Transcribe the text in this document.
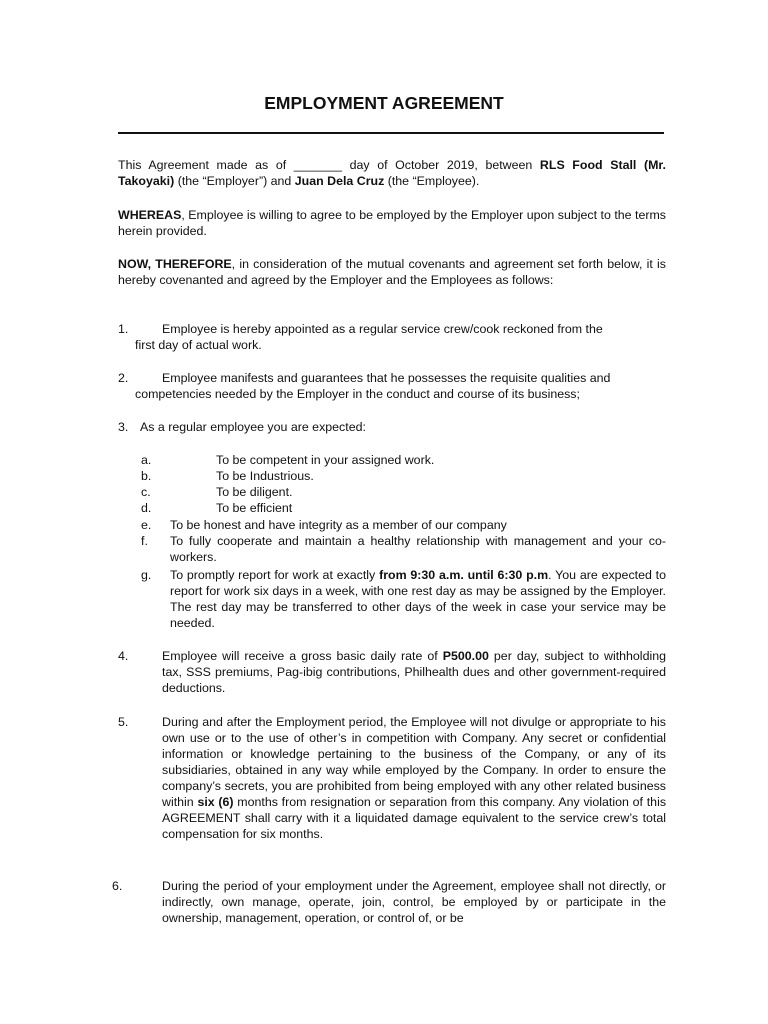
EMPLOYMENT AGREEMENT
This Agreement made as of _______ day of October 2019, between RLS Food Stall (Mr. Takoyaki) (the “Employer”) and Juan Dela Cruz (the “Employee).
WHEREAS, Employee is willing to agree to be employed by the Employer upon subject to the terms herein provided.
NOW, THEREFORE, in consideration of the mutual covenants and agreement set forth below, it is hereby covenanted and agreed by the Employer and the Employees as follows:
1.	Employee is hereby appointed as a regular service crew/cook reckoned from the
first day of actual work.
2.	Employee manifests and guarantees that he possesses the requisite qualities and
competencies needed by the Employer in the conduct and course of its business;
3. As a regular employee you are expected:
a.	To be competent in your assigned work.
b.	To be Industrious.
c.	To be diligent.
d.	To be efficient
e. To be honest and have integrity as a member of our company
f. To fully cooperate and maintain a healthy relationship with management and your co-workers.
g. To promptly report for work at exactly from 9:30 a.m. until 6:30 p.m. You are expected to report for work six days in a week, with one rest day as may be assigned by the Employer. The rest day may be transferred to other days of the week in case your service may be needed.
4.	Employee will receive a gross basic daily rate of P500.00 per day, subject to withholding tax, SSS premiums, Pag-ibig contributions, Philhealth dues and other government-required deductions.
5.	During and after the Employment period, the Employee will not divulge or appropriate to his own use or to the use of other’s in competition with Company. Any secret or confidential information or knowledge pertaining to the business of the Company, or any of its subsidiaries, obtained in any way while employed by the Company. In order to ensure the company’s secrets, you are prohibited from being employed with any other related business within six (6) months from resignation or separation from this company. Any violation of this AGREEMENT shall carry with it a liquidated damage equivalent to the service crew’s total compensation for six months.
6.	During the period of your employment under the Agreement, employee shall not directly, or indirectly, own manage, operate, join, control, be employed by or participate in the ownership, management, operation, or control of, or be
